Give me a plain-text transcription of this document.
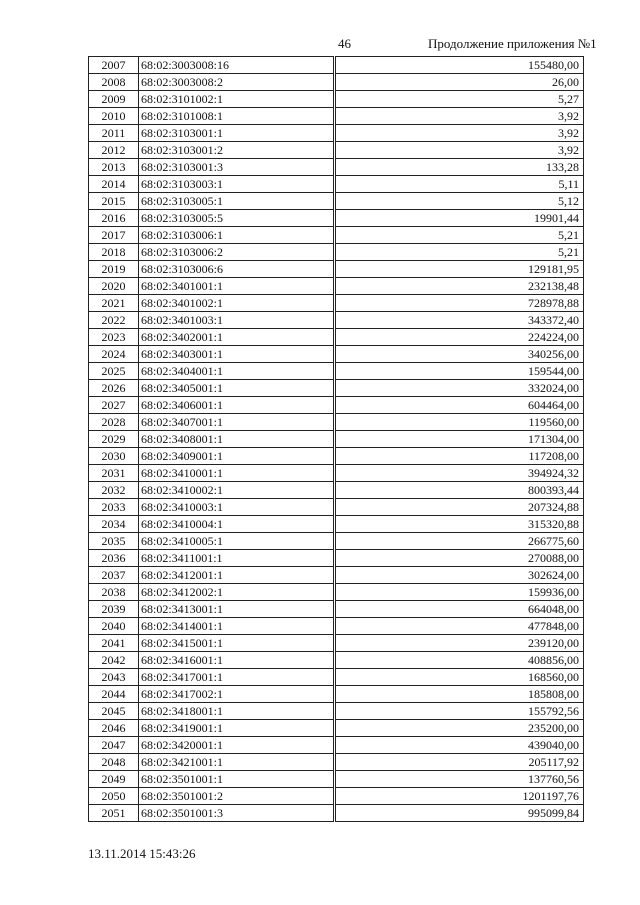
46	Продолжение приложения №1
2007	68:02:3003008:16		155480,00
2008	68:02:3003008:2		26,00
2009	68:02:3101002:1		5,27
2010	68:02:3101008:1		3,92
2011	68:02:3103001:1		3,92
2012	68:02:3103001:2		3,92
2013	68:02:3103001:3		133,28
2014	68:02:3103003:1		5,11
2015	68:02:3103005:1		5,12
2016	68:02:3103005:5		19901,44
2017	68:02:3103006:1		5,21
2018	68:02:3103006:2		5,21
2019	68:02:3103006:6		129181,95
2020	68:02:3401001:1		232138,48
2021	68:02:3401002:1		728978,88
2022	68:02:3401003:1		343372,40
2023	68:02:3402001:1		224224,00
2024	68:02:3403001:1		340256,00
2025	68:02:3404001:1		159544,00
2026	68:02:3405001:1		332024,00
2027	68:02:3406001:1		604464,00
2028	68:02:3407001:1		119560,00
2029	68:02:3408001:1		171304,00
2030	68:02:3409001:1		117208,00
2031	68:02:3410001:1		394924,32
2032	68:02:3410002:1		800393,44
2033	68:02:3410003:1		207324,88
2034	68:02:3410004:1		315320,88
2035	68:02:3410005:1		266775,60
2036	68:02:3411001:1		270088,00
2037	68:02:3412001:1		302624,00
2038	68:02:3412002:1		159936,00
2039	68:02:3413001:1		664048,00
2040	68:02:3414001:1		477848,00
2041	68:02:3415001:1		239120,00
2042	68:02:3416001:1		408856,00
2043	68:02:3417001:1		168560,00
2044	68:02:3417002:1		185808,00
2045	68:02:3418001:1		155792,56
2046	68:02:3419001:1		235200,00
2047	68:02:3420001:1		439040,00
2048	68:02:3421001:1		205117,92
2049	68:02:3501001:1		137760,56
2050	68:02:3501001:2		1201197,76
2051	68:02:3501001:3		995099,84
13.11.2014 15:43:26
